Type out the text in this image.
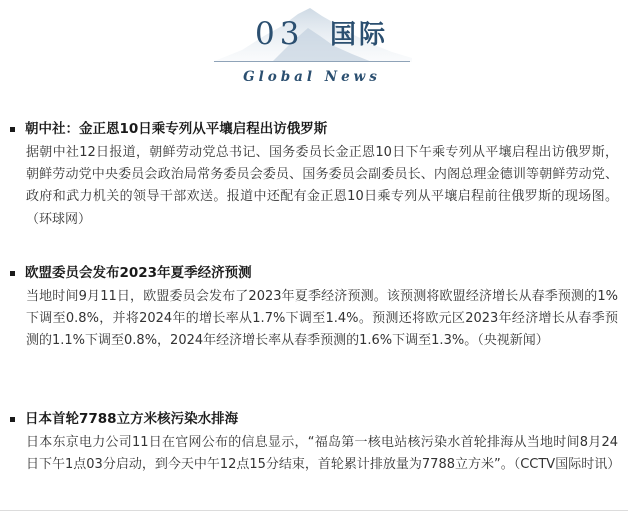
03 国际
Global News
朝中社：金正恩10日乘专列从平壤启程出访俄罗斯
据朝中社12日报道，朝鲜劳动党总书记、国务委员长金正恩10日下午乘专列从平壤启程出访俄罗斯，朝鲜劳动党中央委员会政治局常务委员会委员、国务委员会副委员长、内阁总理金德训等朝鲜劳动党、政府和武力机关的领导干部欢送。报道中还配有金正恩10日乘专列从平壤启程前往俄罗斯的现场图。（环球网）
欧盟委员会发布2023年夏季经济预测
当地时间9月11日，欧盟委员会发布了2023年夏季经济预测。该预测将欧盟经济增长从春季预测的1%下调至0.8%，并将2024年的增长率从1.7%下调至1.4%。预测还将欧元区2023年经济增长从春季预测的1.1%下调至0.8%，2024年经济增长率从春季预测的1.6%下调至1.3%。（央视新闻）
日本首轮7788立方米核污染水排海
日本东京电力公司11日在官网公布的信息显示，“福岛第一核电站核污染水首轮排海从当地时间8月24日下午1点03分启动，到今天中午12点15分结束，首轮累计排放量为7788立方米”。（CCTV国际时讯）
